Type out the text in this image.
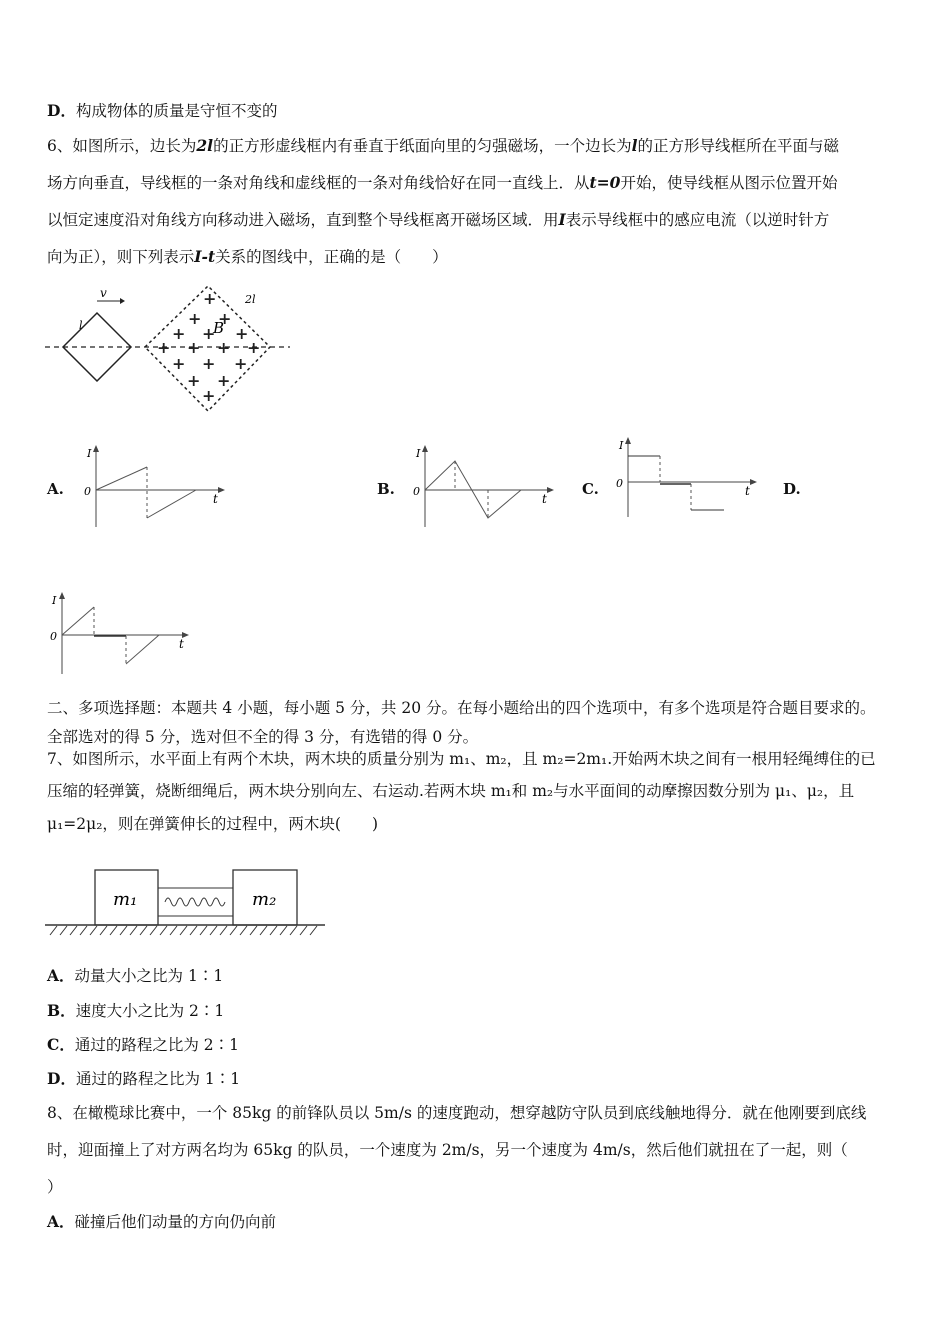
D．构成物体的质量是守恒不变的
6、如图所示，边长为2l的正方形虚线框内有垂直于纸面向里的匀强磁场，一个边长为l的正方形导线框所在平面与磁
场方向垂直，导线框的一条对角线和虚线框的一条对角线恰好在同一直线上．从t=0开始，使导线框从图示位置开始
以恒定速度沿对角线方向移动进入磁场，直到整个导线框离开磁场区域．用I表示导线框中的感应电流（以逆时针方
向为正），则下列表示I-t关系的图线中，正确的是（　　）
v
l
2l
B
+
+ +
+ + +
+ + + +
+ + +
+ +
+
A.	B.	C.	D.
I
0
t
I
0
t
I
0
t
I
0
t
二、多项选择题：本题共 4 小题，每小题 5 分，共 20 分。在每小题给出的四个选项中，有多个选项是符合题目要求的。
全部选对的得 5 分，选对但不全的得 3 分，有选错的得 0 分。
7、如图所示，水平面上有两个木块，两木块的质量分别为 m₁、m₂，且 m₂=2m₁.开始两木块之间有一根用轻绳缚住的已
压缩的轻弹簧，烧断细绳后，两木块分别向左、右运动.若两木块 m₁和 m₂与水平面间的动摩擦因数分别为 μ₁、μ₂，且
μ₁=2μ₂，则在弹簧伸长的过程中，两木块(　　)
m₁	m₂
A．动量大小之比为 1∶1
B．速度大小之比为 2∶1
C．通过的路程之比为 2∶1
D．通过的路程之比为 1∶1
8、在橄榄球比赛中，一个 85kg 的前锋队员以 5m/s 的速度跑动，想穿越防守队员到底线触地得分．就在他刚要到底线
时，迎面撞上了对方两名均为 65kg 的队员，一个速度为 2m/s，另一个速度为 4m/s，然后他们就扭在了一起，则（
）
A．碰撞后他们动量的方向仍向前
